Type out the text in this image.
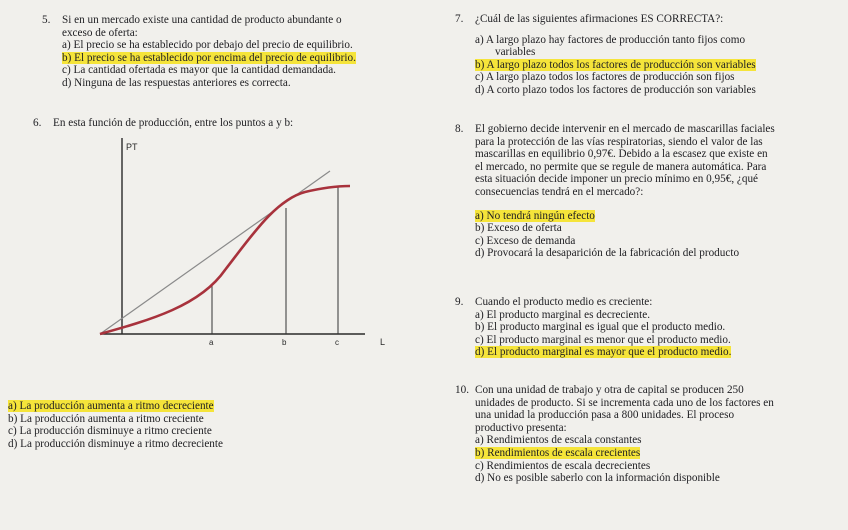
5. Si en un mercado existe una cantidad de producto abundante o
exceso de oferta:
a) El precio se ha establecido por debajo del precio de equilibrio.
b) El precio se ha establecido por encima del precio de equilibrio.
c) La cantidad ofertada es mayor que la cantidad demandada.
d) Ninguna de las respuestas anteriores es correcta.
6. En esta función de producción, entre los puntos a y b:
PT
L
a	b	c
a) La producción aumenta a ritmo decreciente
b) La producción aumenta a ritmo creciente
c) La producción disminuye a ritmo creciente
d) La producción disminuye a ritmo decreciente
7. ¿Cuál de las siguientes afirmaciones ES CORRECTA?:
a) A largo plazo hay factores de producción tanto fijos como
variables
b) A largo plazo todos los factores de producción son variables
c) A largo plazo todos los factores de producción son fijos
d) A corto plazo todos los factores de producción son variables
8. El gobierno decide intervenir en el mercado de mascarillas faciales
para la protección de las vías respiratorias, siendo el valor de las
mascarillas en equilibrio 0,97€. Debido a la escasez que existe en
el mercado, no permite que se regule de manera automática. Para
esta situación decide imponer un precio mínimo en 0,95€, ¿qué
consecuencias tendrá en el mercado?:
a) No tendrá ningún efecto
b) Exceso de oferta
c) Exceso de demanda
d) Provocará la desaparición de la fabricación del producto
9. Cuando el producto medio es creciente:
a) El producto marginal es decreciente.
b) El producto marginal es igual que el producto medio.
c) El producto marginal es menor que el producto medio.
d) El producto marginal es mayor que el producto medio.
10. Con una unidad de trabajo y otra de capital se producen 250
unidades de producto. Si se incrementa cada uno de los factores en
una unidad la producción pasa a 800 unidades. El proceso
productivo presenta:
a) Rendimientos de escala constantes
b) Rendimientos de escala crecientes
c) Rendimientos de escala decrecientes
d) No es posible saberlo con la información disponible
